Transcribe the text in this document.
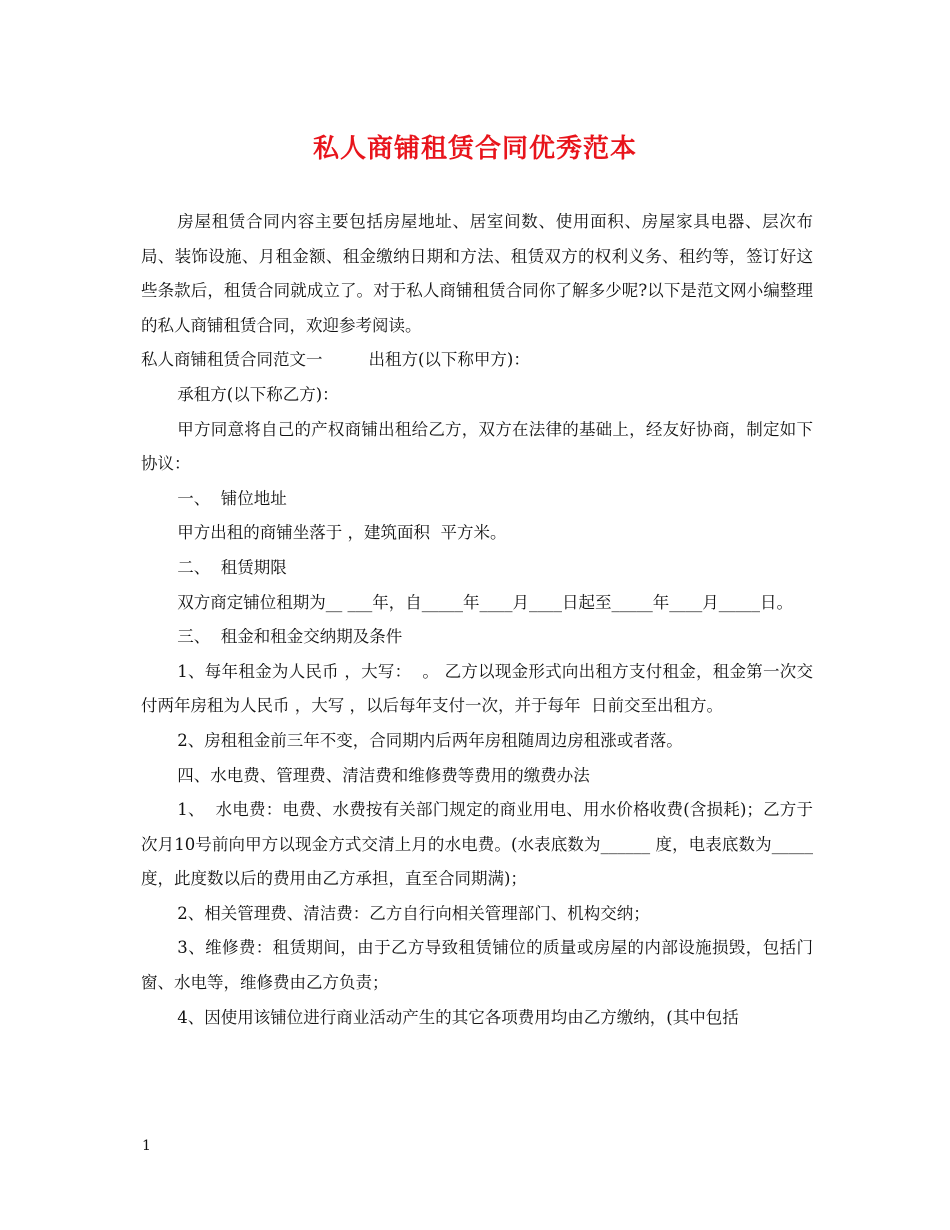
私人商铺租赁合同优秀范本

房屋租赁合同内容主要包括房屋地址、居室间数、使用面积、房屋家具电器、层次布局、装饰设施、月租金额、租金缴纳日期和方法、租赁双方的权利义务、租约等，签订好这些条款后，租赁合同就成立了。对于私人商铺租赁合同你了解多少呢?以下是范文网小编整理的私人商铺租赁合同，欢迎参考阅读。

私人商铺租赁合同范文一	出租方(以下称甲方)：

承租方(以下称乙方)：

甲方同意将自己的产权商铺出租给乙方，双方在法律的基础上，经友好协商，制定如下协议：

一、  铺位地址

甲方出租的商铺坐落于 ，建筑面积  平方米。

二、  租赁期限

双方商定铺位租期为__ ___年，自_____年____月____日起至_____年____月_____日。

三、  租金和租金交纳期及条件

1、每年租金为人民币 ，大写：  。 乙方以现金形式向出租方支付租金，租金第一次交付两年房租为人民币 ，大写 ，以后每年支付一次，并于每年  日前交至出租方。

2、房租租金前三年不变，合同期内后两年房租随周边房租涨或者落。

四、水电费、管理费、清洁费和维修费等费用的缴费办法

1、  水电费：电费、水费按有关部门规定的商业用电、用水价格收费(含损耗)；乙方于次月10号前向甲方以现金方式交清上月的水电费。(水表底数为______ 度，电表底数为_____ 度，此度数以后的费用由乙方承担，直至合同期满)；

2、相关管理费、清洁费：乙方自行向相关管理部门、机构交纳；

3、维修费：租赁期间，由于乙方导致租赁铺位的质量或房屋的内部设施损毁，包括门窗、水电等，维修费由乙方负责；

4、因使用该铺位进行商业活动产生的其它各项费用均由乙方缴纳，(其中包括

1
